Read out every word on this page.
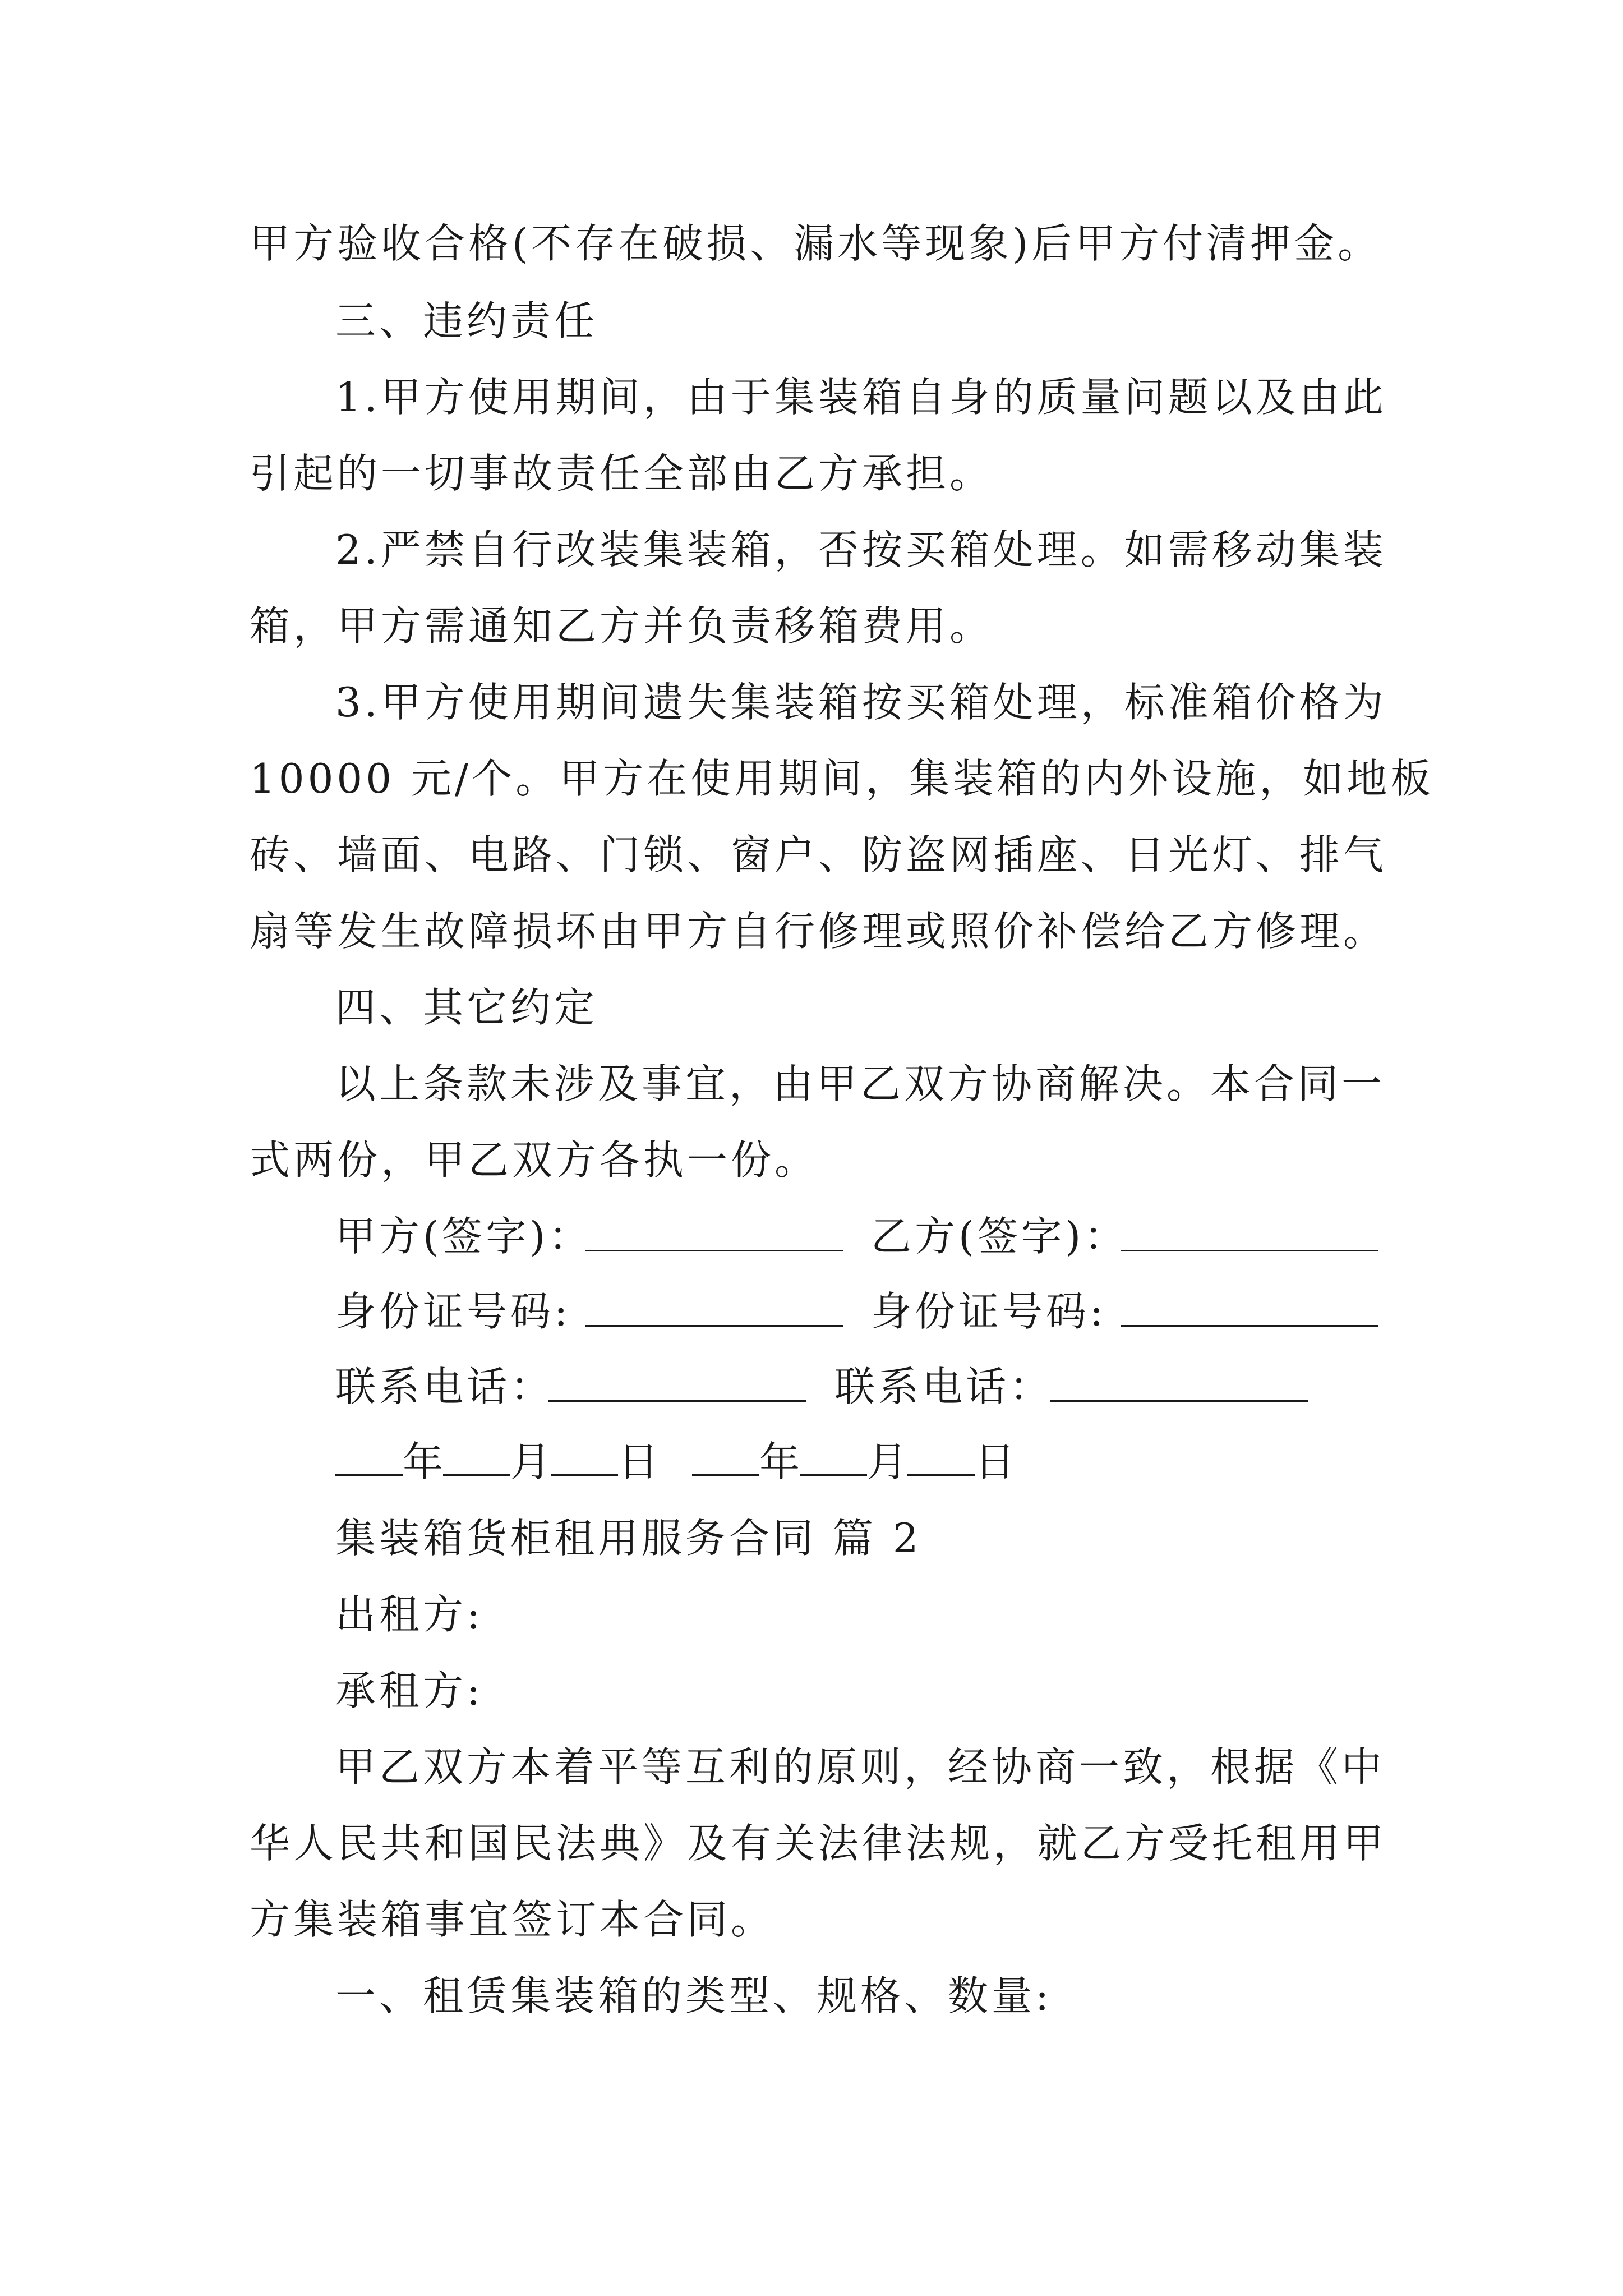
甲方验收合格(不存在破损、漏水等现象)后甲方付清押金。
三、违约责任
1.甲方使用期间，由于集装箱自身的质量问题以及由此
引起的一切事故责任全部由乙方承担。
2.严禁自行改装集装箱，否按买箱处理。如需移动集装
箱，甲方需通知乙方并负责移箱费用。
3.甲方使用期间遗失集装箱按买箱处理，标准箱价格为
10000 元/个。甲方在使用期间，集装箱的内外设施，如地板
砖、墙面、电路、门锁、窗户、防盗网插座、日光灯、排气
扇等发生故障损坏由甲方自行修理或照价补偿给乙方修理。
四、其它约定
以上条款未涉及事宜，由甲乙双方协商解决。本合同一
式两份，甲乙双方各执一份。
甲方(签字)：	乙方(签字)：
身份证号码:	身份证号码:
联系电话：	联系电话：
年 月 日	年 月 日
集装箱货柜租用服务合同 篇 2
出租方:
承租方:
甲乙双方本着平等互利的原则，经协商一致，根据《中
华人民共和国民法典》及有关法律法规，就乙方受托租用甲
方集装箱事宜签订本合同。
一、租赁集装箱的类型、规格、数量:
